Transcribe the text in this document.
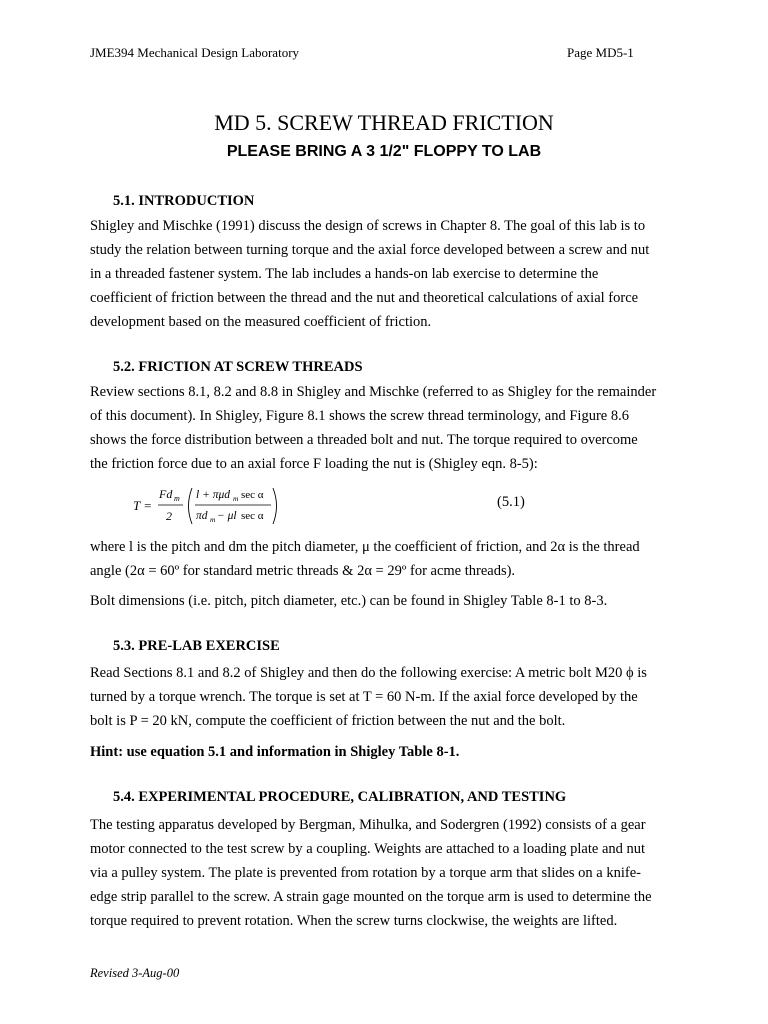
JME394 Mechanical Design Laboratory	Page MD5-1
MD 5. SCREW THREAD FRICTION
PLEASE BRING A 3 1/2" FLOPPY TO LAB
5.1. INTRODUCTION

Shigley and Mischke (1991) discuss the design of screws in Chapter 8. The goal of this lab is to

study the relation between turning torque and the axial force developed between a screw and nut

in a threaded fastener system. The lab includes a hands-on lab exercise to determine the

coefficient of friction between the thread and the nut and theoretical calculations of axial force

development based on the measured coefficient of friction.

5.2. FRICTION AT SCREW THREADS

Review sections 8.1, 8.2 and 8.8 in Shigley and Mischke (referred to as Shigley for the remainder

of this document). In Shigley, Figure 8.1 shows the screw thread terminology, and Figure 8.6

shows the force distribution between a threaded bolt and nut. The torque required to overcome

the friction force due to an axial force F loading the nut is (Shigley eqn. 8-5):

T =
Fd m
2
l + πμd m sec α
πd m − μl sec α
(5.1)

where l is the pitch and dm the pitch diameter, μ the coefficient of friction, and 2α is the thread

angle (2α = 60º for standard metric threads & 2α = 29º for acme threads).

Bolt dimensions (i.e. pitch, pitch diameter, etc.) can be found in Shigley Table 8-1 to 8-3.
5.3. PRE-LAB EXERCISE

Read Sections 8.1 and 8.2 of Shigley and then do the following exercise: A metric bolt M20 ϕ is

turned by a torque wrench. The torque is set at T = 60 N-m. If the axial force developed by the

bolt is P = 20 kN, compute the coefficient of friction between the nut and the bolt.

Hint: use equation 5.1 and information in Shigley Table 8-1.
5.4. EXPERIMENTAL PROCEDURE, CALIBRATION, AND TESTING

The testing apparatus developed by Bergman, Mihulka, and Sodergren (1992) consists of a gear

motor connected to the test screw by a coupling. Weights are attached to a loading plate and nut

via a pulley system. The plate is prevented from rotation by a torque arm that slides on a knife-

edge strip parallel to the screw. A strain gage mounted on the torque arm is used to determine the

torque required to prevent rotation. When the screw turns clockwise, the weights are lifted.

Revised 3-Aug-00
